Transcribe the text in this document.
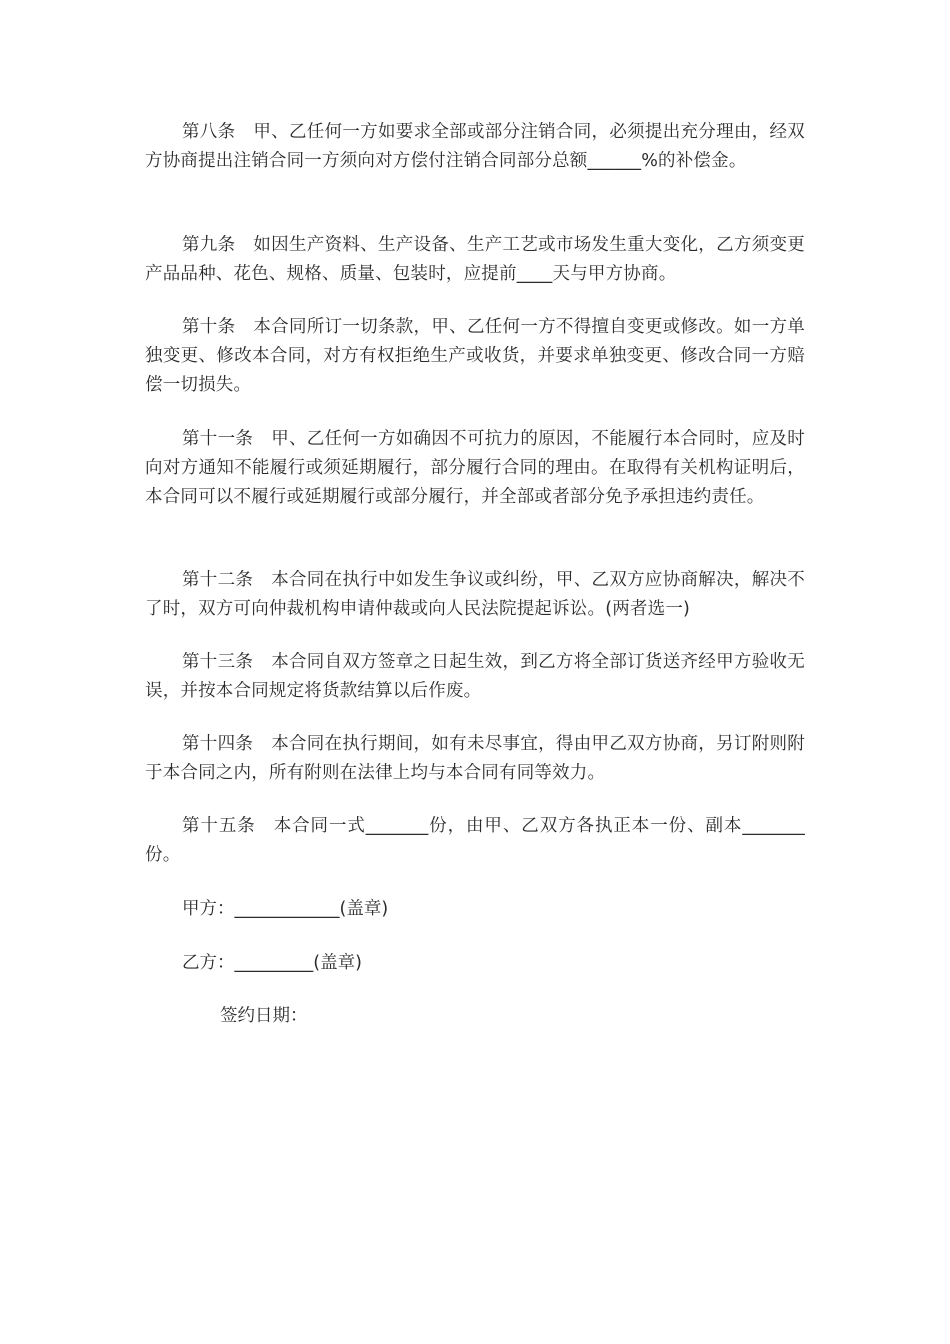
第八条 甲、乙任何一方如要求全部或部分注销合同，必须提出充分理由，经双方协商提出注销合同一方须向对方偿付注销合同部分总额______%的补偿金。

第九条 如因生产资料、生产设备、生产工艺或市场发生重大变化，乙方须变更产品品种、花色、规格、质量、包装时，应提前____天与甲方协商。

第十条 本合同所订一切条款，甲、乙任何一方不得擅自变更或修改。如一方单独变更、修改本合同，对方有权拒绝生产或收货，并要求单独变更、修改合同一方赔偿一切损失。

第十一条 甲、乙任何一方如确因不可抗力的原因，不能履行本合同时，应及时向对方通知不能履行或须延期履行，部分履行合同的理由。在取得有关机构证明后，本合同可以不履行或延期履行或部分履行，并全部或者部分免予承担违约责任。

第十二条 本合同在执行中如发生争议或纠纷，甲、乙双方应协商解决，解决不了时，双方可向仲裁机构申请仲裁或向人民法院提起诉讼。(两者选一)

第十三条 本合同自双方签章之日起生效，到乙方将全部订货送齐经甲方验收无误，并按本合同规定将货款结算以后作废。

第十四条 本合同在执行期间，如有未尽事宜，得由甲乙双方协商，另订附则附于本合同之内，所有附则在法律上均与本合同有同等效力。

第十五条 本合同一式_______份，由甲、乙双方各执正本一份、副本_______份。

甲方：____________(盖章)

乙方：_________(盖章)

签约日期：
